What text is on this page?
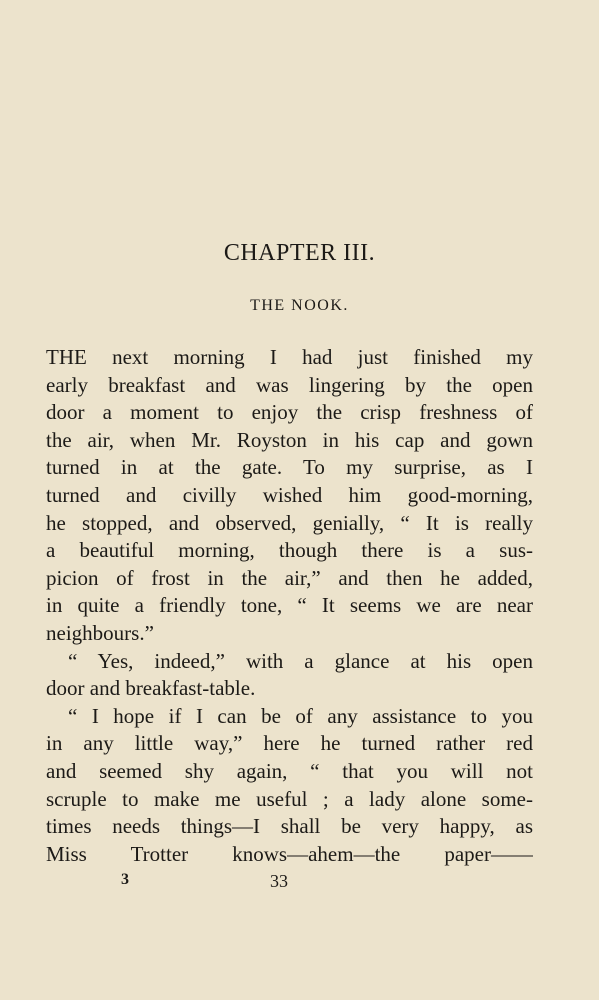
CHAPTER III.
THE NOOK.
THE next morning I had just finished my
early breakfast and was lingering by the open
door a moment to enjoy the crisp freshness of
the air, when Mr. Royston in his cap and gown
turned in at the gate. To my surprise, as I
turned and civilly wished him good-morning,
he stopped, and observed, genially, “ It is really
a beautiful morning, though there is a sus-
picion of frost in the air,” and then he added,
in quite a friendly tone, “ It seems we are near
neighbours.”
“ Yes, indeed,” with a glance at his open
door and breakfast-table.
“ I hope if I can be of any assistance to you
in any little way,” here he turned rather red
and seemed shy again, “ that you will not
scruple to make me useful ; a lady alone some-
times needs things—I shall be very happy, as
Miss Trotter knows—ahem—the paper——
3	33
